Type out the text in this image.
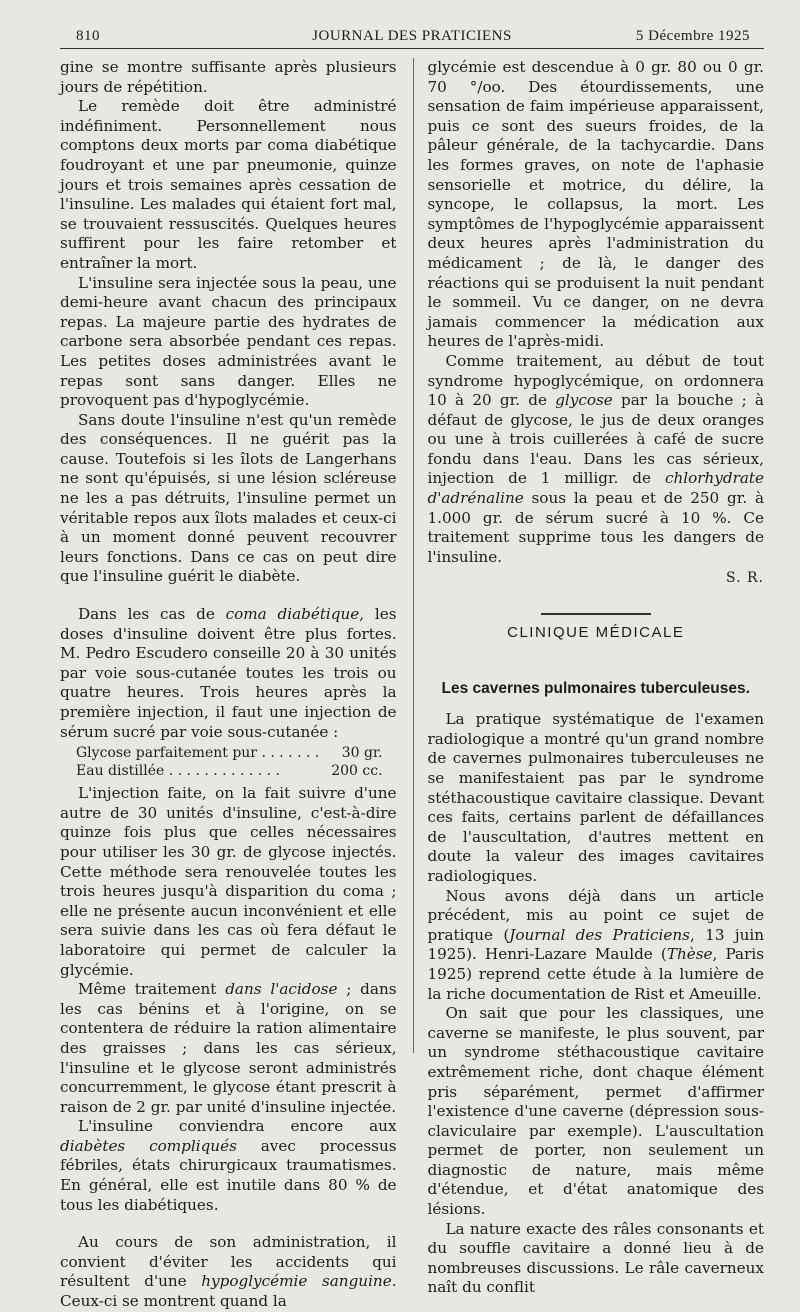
810	JOURNAL DES PRATICIENS	5 Décembre 1925

gine se montre suffisante après plusieurs jours de répétition.

Le remède doit être administré indéfiniment. Personnellement nous comptons deux morts par coma diabétique foudroyant et une par pneumonie, quinze jours et trois semaines après cessation de l'insuline. Les malades qui étaient fort mal, se trouvaient ressuscités. Quelques heures suffirent pour les faire retomber et entraîner la mort.

L'insuline sera injectée sous la peau, une demi-heure avant chacun des principaux repas. La majeure partie des hydrates de carbone sera absorbée pendant ces repas. Les petites doses administrées avant le repas sont sans danger. Elles ne provoquent pas d'hypoglycémie.

Sans doute l'insuline n'est qu'un remède des conséquences. Il ne guérit pas la cause. Toutefois si les îlots de Langerhans ne sont qu'épuisés, si une lésion scléreuse ne les a pas détruits, l'insuline permet un véritable repos aux îlots malades et ceux-ci à un moment donné peuvent recouvrer leurs fonctions. Dans ce cas on peut dire que l'insuline guérit le diabète.

Dans les cas de coma diabétique, les doses d'insuline doivent être plus fortes. M. Pedro Escudero conseille 20 à 30 unités par voie sous-cutanée toutes les trois ou quatre heures. Trois heures après la première injection, il faut une injection de sérum sucré par voie sous-cutanée :

Glycose parfaitement pur . . . . . . . 30 gr.
Eau distillée . . . . . . . . . . . . .	200 cc.

L'injection faite, on la fait suivre d'une autre de 30 unités d'insuline, c'est-à-dire quinze fois plus que celles nécessaires pour utiliser les 30 gr. de glycose injectés. Cette méthode sera renouvelée toutes les trois heures jusqu'à disparition du coma ; elle ne présente aucun inconvénient et elle sera suivie dans les cas où fera défaut le laboratoire qui permet de calculer la glycémie.

Même traitement dans l'acidose ; dans les cas bénins et à l'origine, on se contentera de réduire la ration alimentaire des graisses ; dans les cas sérieux, l'insuline et le glycose seront administrés concurremment, le glycose étant prescrit à raison de 2 gr. par unité d'insuline injectée.

L'insuline conviendra encore aux diabètes compliqués avec processus fébriles, états chirurgicaux traumatismes. En général, elle est inutile dans 80 % de tous les diabétiques.

Au cours de son administration, il convient d'éviter les accidents qui résultent d'une hypoglycémie sanguine. Ceux-ci se montrent quand la

glycémie est descendue à 0 gr. 80 ou 0 gr. 70 °/oo. Des étourdissements, une sensation de faim impérieuse apparaissent, puis ce sont des sueurs froides, de la pâleur générale, de la tachycardie. Dans les formes graves, on note de l'aphasie sensorielle et motrice, du délire, la syncope, le collapsus, la mort. Les symptômes de l'hypoglycémie apparaissent deux heures après l'administration du médicament ; de là, le danger des réactions qui se produisent la nuit pendant le sommeil. Vu ce danger, on ne devra jamais commencer la médication aux heures de l'après-midi.

Comme traitement, au début de tout syndrome hypoglycémique, on ordonnera 10 à 20 gr. de glycose par la bouche ; à défaut de glycose, le jus de deux oranges ou une à trois cuillerées à café de sucre fondu dans l'eau. Dans les cas sérieux, injection de 1 milligr. de chlorhydrate d'adrénaline sous la peau et de 250 gr. à 1.000 gr. de sérum sucré à 10 %. Ce traitement supprime tous les dangers de l'insuline.

S. R.
CLINIQUE MÉDICALE
Les cavernes pulmonaires tuberculeuses.

La pratique systématique de l'examen radiologique a montré qu'un grand nombre de cavernes pulmonaires tuberculeuses ne se manifestaient pas par le syndrome stéthacoustique cavitaire classique. Devant ces faits, certains parlent de défaillances de l'auscultation, d'autres mettent en doute la valeur des images cavitaires radiologiques.

Nous avons déjà dans un article précédent, mis au point ce sujet de pratique (Journal des Praticiens, 13 juin 1925). Henri-Lazare Maulde (Thèse, Paris 1925) reprend cette étude à la lumière de la riche documentation de Rist et Ameuille.

On sait que pour les classiques, une caverne se manifeste, le plus souvent, par un syndrome stéthacoustique cavitaire extrêmement riche, dont chaque élément pris séparément, permet d'affirmer l'existence d'une caverne (dépression sous-claviculaire par exemple). L'auscultation permet de porter, non seulement un diagnostic de nature, mais même d'étendue, et d'état anatomique des lésions.

La nature exacte des râles consonants et du souffle cavitaire a donné lieu à de nombreuses discussions. Le râle caverneux naît du conflit
